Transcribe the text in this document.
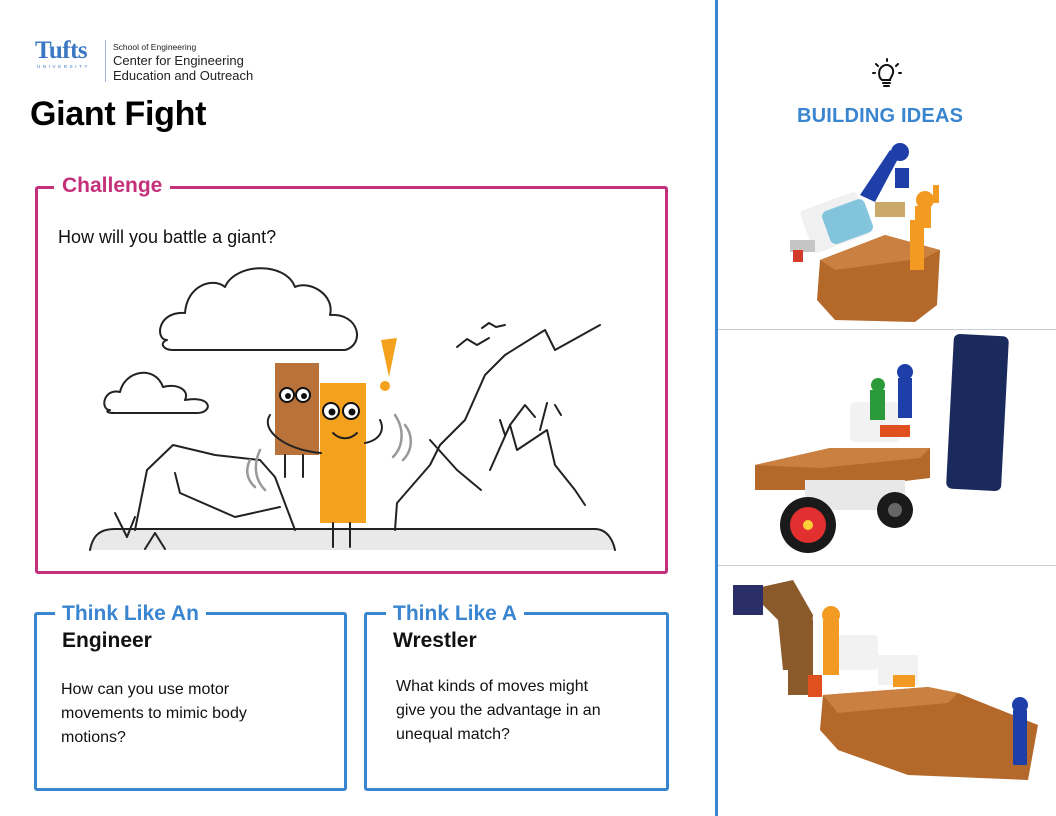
Tufts
UNIVERSITY
School of Engineering
Center for Engineering
Education and Outreach
Giant Fight
Challenge
How will you battle a giant?
Think Like An
Engineer
How can you use motor
movements to mimic body
motions?
Think Like A
Wrestler
What kinds of moves might
give you the advantage in an
unequal match?
BUILDING IDEAS
